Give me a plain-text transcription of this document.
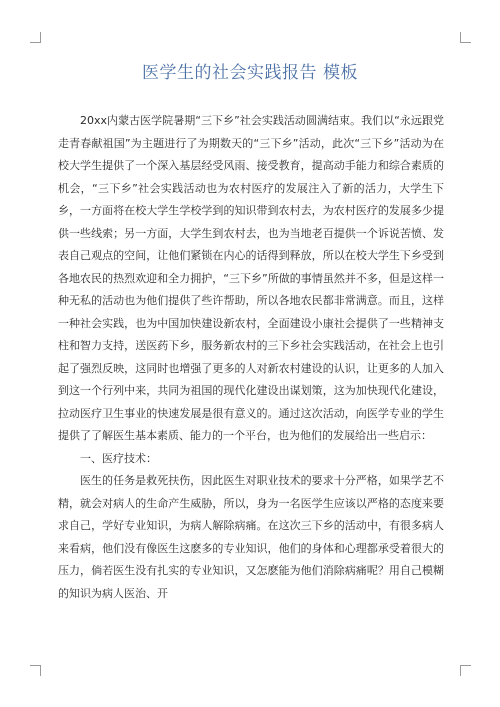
医学生的社会实践报告 模板

20xx内蒙古医学院暑期“三下乡”社会实践活动圆满结束。我们以“永远跟党走青春献祖国”为主题进行了为期数天的“三下乡”活动，此次“三下乡”活动为在校大学生提供了一个深入基层经受风雨、接受教育，提高动手能力和综合素质的机会，“三下乡”社会实践活动也为农村医疗的发展注入了新的活力，大学生下乡，一方面将在校大学生学校学到的知识带到农村去，为农村医疗的发展多少提供一些线索；另一方面，大学生到农村去，也为当地老百提供一个诉说苦愤、发表自己观点的空间，让他们紧锁在内心的话得到释放，所以在校大学生下乡受到各地农民的热烈欢迎和全力拥护，“三下乡”所做的事情虽然并不多，但是这样一种无私的活动也为他们提供了些许帮助，所以各地农民都非常满意。而且，这样一种社会实践，也为中国加快建设新农村，全面建设小康社会提供了一些精神支柱和智力支持，送医药下乡，服务新农村的三下乡社会实践活动，在社会上也引起了强烈反映，这同时也增强了更多的人对新农村建设的认识，让更多的人加入到这一个行列中来，共同为祖国的现代化建设出谋划策，这为加快现代化建设，拉动医疗卫生事业的快速发展是很有意义的。通过这次活动，向医学专业的学生提供了了解医生基本素质、能力的一个平台，也为他们的发展给出一些启示：

一、医疗技术：

医生的任务是救死扶伤，因此医生对职业技术的要求十分严格，如果学艺不精，就会对病人的生命产生威胁，所以，身为一名医学生应该以严格的态度来要求自己，学好专业知识，为病人解除病痛。在这次三下乡的活动中，有很多病人来看病，他们没有像医生这麽多的专业知识，他们的身体和心理都承受着很大的压力，倘若医生没有扎实的专业知识，又怎麽能为他们消除病痛呢？用自己模糊的知识为病人医治、开
